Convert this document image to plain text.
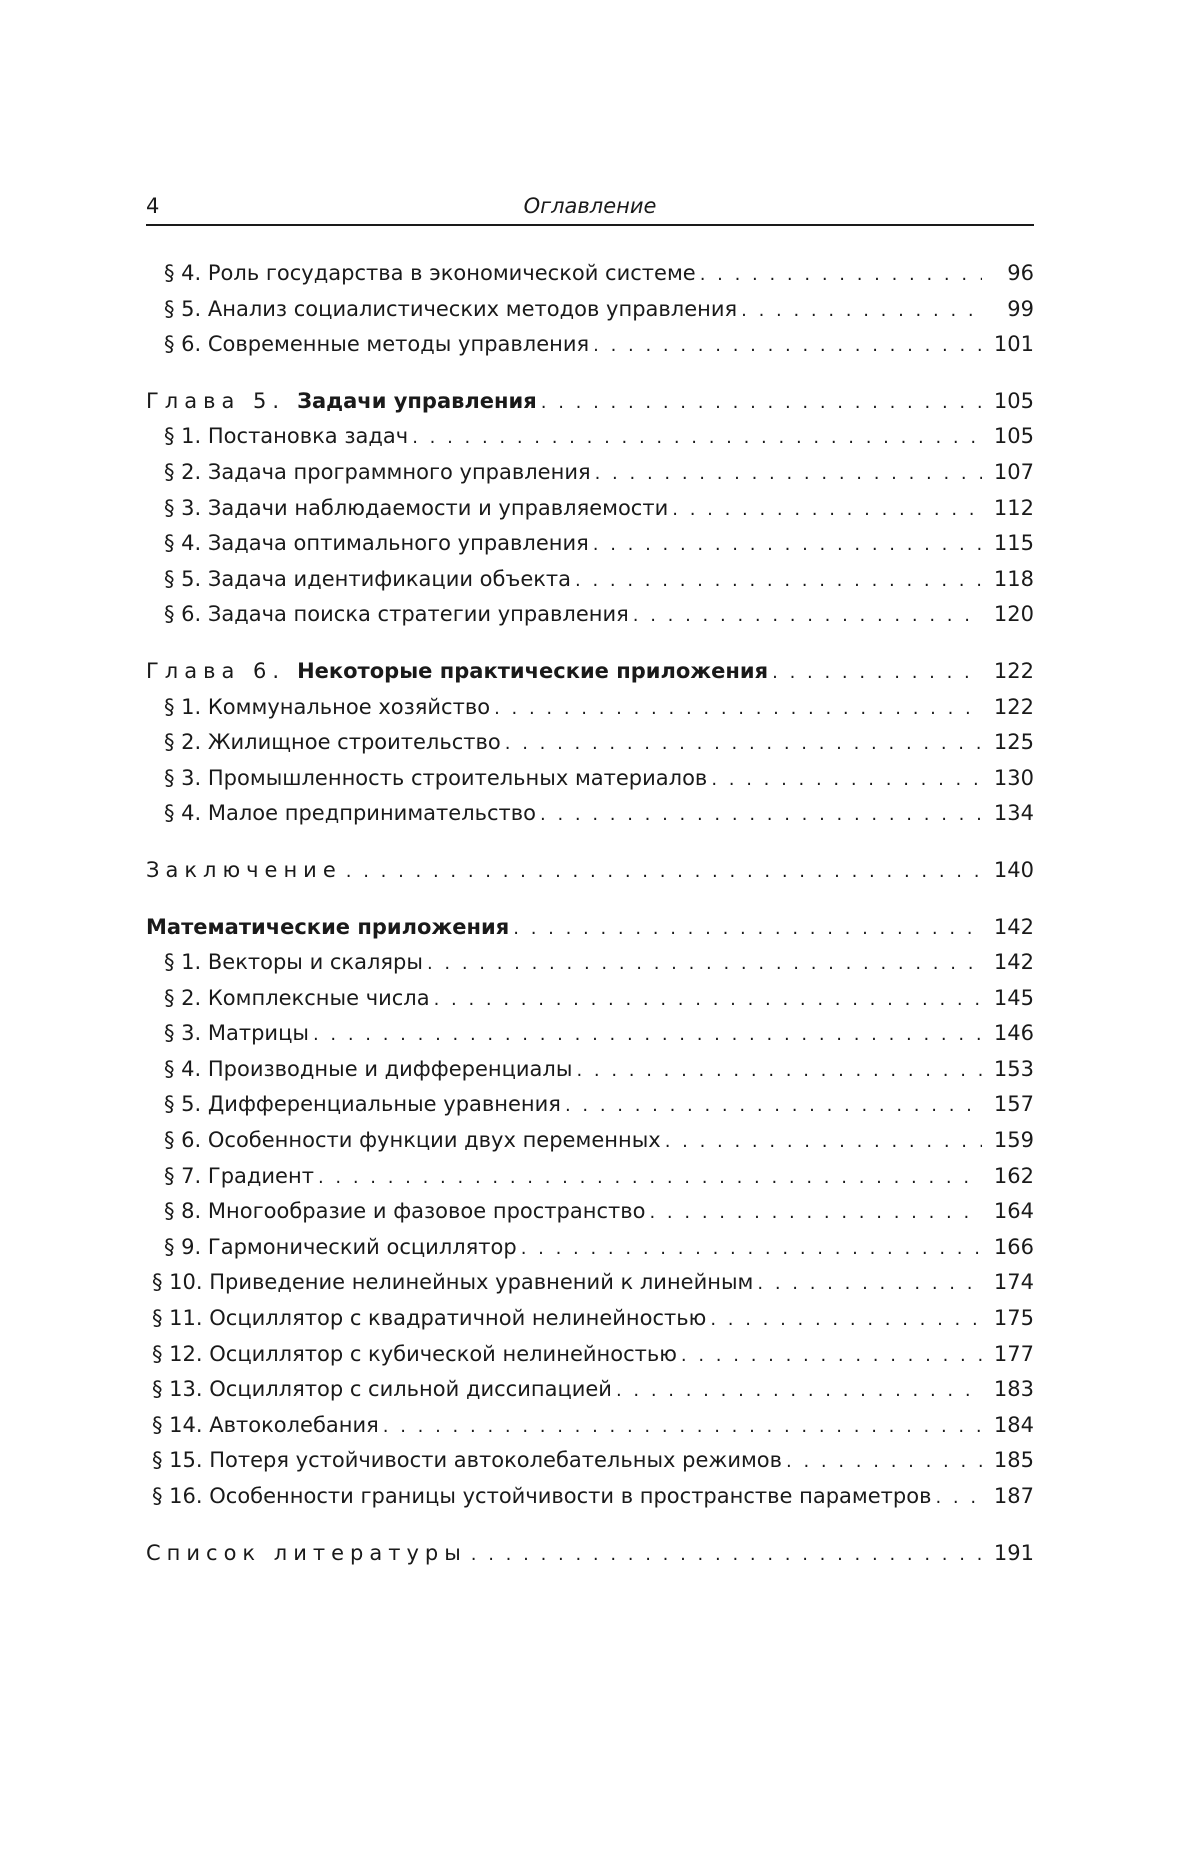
4	Оглавление
§ 4. Роль государства в экономической системе . . .	96
§ 5. Анализ социалистических методов управления . . .	99
§ 6. Современные методы управления . . .	101
Глава 5. Задачи управления . . .	105
§ 1. Постановка задач . . .	105
§ 2. Задача программного управления . . .	107
§ 3. Задачи наблюдаемости и управляемости . . .	112
§ 4. Задача оптимального управления . . .	115
§ 5. Задача идентификации объекта . . .	118
§ 6. Задача поиска стратегии управления . . .	120
Глава 6. Некоторые практические приложения . . .	122
§ 1. Коммунальное хозяйство . . .	122
§ 2. Жилищное строительство . . .	125
§ 3. Промышленность строительных материалов . . .	130
§ 4. Малое предпринимательство . . .	134
Заключение . . .	140
Математические приложения . . .	142
§ 1. Векторы и скаляры . . .	142
§ 2. Комплексные числа . . .	145
§ 3. Матрицы . . .	146
§ 4. Производные и дифференциалы . . .	153
§ 5. Дифференциальные уравнения . . .	157
§ 6. Особенности функции двух переменных . . .	159
§ 7. Градиент . . .	162
§ 8. Многообразие и фазовое пространство . . .	164
§ 9. Гармонический осциллятор . . .	166
§ 10. Приведение нелинейных уравнений к линейным . . .	174
§ 11. Осциллятор с квадратичной нелинейностью . . .	175
§ 12. Осциллятор с кубической нелинейностью . . .	177
§ 13. Осциллятор с сильной диссипацией . . .	183
§ 14. Автоколебания . . .	184
§ 15. Потеря устойчивости автоколебательных режимов . . .	185
§ 16. Особенности границы устойчивости в пространстве параметров . . .	187
Список литературы . . .	191
